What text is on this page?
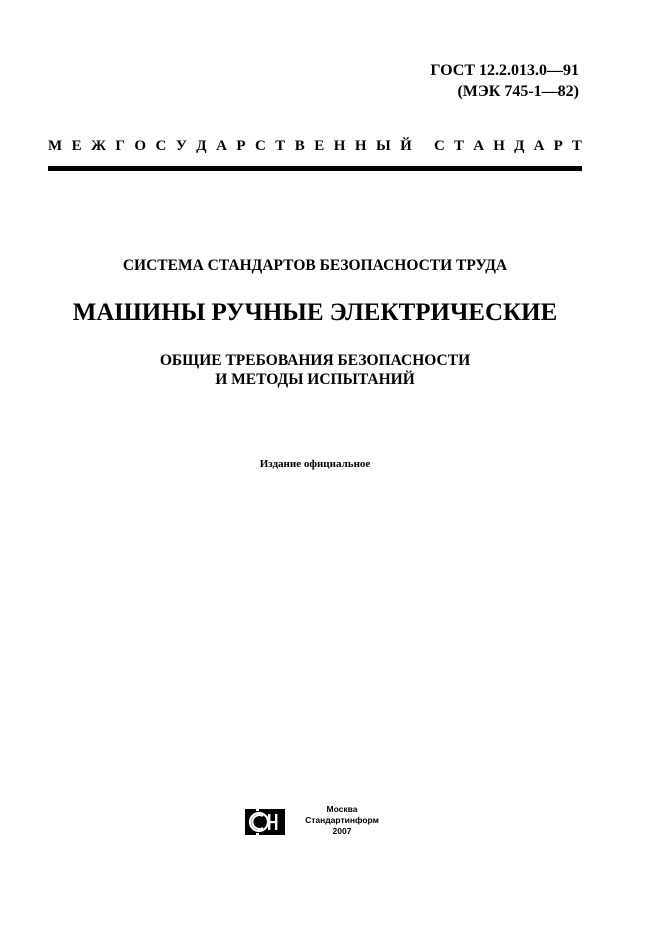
ГОСТ 12.2.013.0—91
(МЭК 745-1—82)
М Е Ж Г О С У Д А Р С Т В Е Н Н Ы Й С Т А Н Д А Р Т
СИСТЕМА СТАНДАРТОВ БЕЗОПАСНОСТИ ТРУДА
МАШИНЫ РУЧНЫЕ ЭЛЕКТРИЧЕСКИЕ
ОБЩИЕ ТРЕБОВАНИЯ БЕЗОПАСНОСТИ
И МЕТОДЫ ИСПЫТАНИЙ
Издание официальное
Москва
Стандартинформ
2007
